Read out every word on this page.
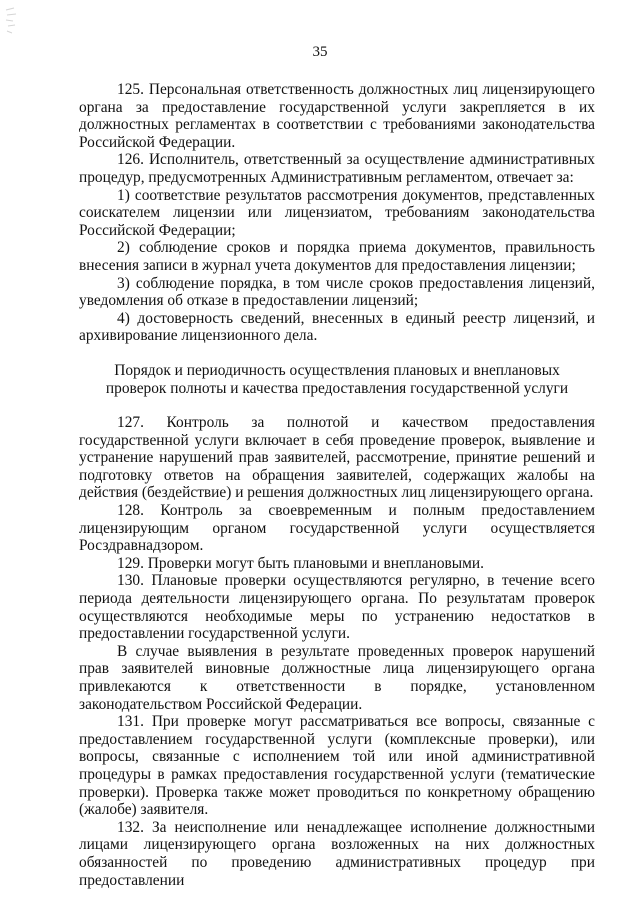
35

125. Персональная ответственность должностных лиц лицензирующего органа за предоставление государственной услуги закрепляется в их должностных регламентах в соответствии с требованиями законодательства Российской Федерации.

126. Исполнитель, ответственный за осуществление административных процедур, предусмотренных Административным регламентом, отвечает за:

1) соответствие результатов рассмотрения документов, представленных соискателем лицензии или лицензиатом, требованиям законодательства Российской Федерации;

2) соблюдение сроков и порядка приема документов, правильность внесения записи в журнал учета документов для предоставления лицензии;

3) соблюдение порядка, в том числе сроков предоставления лицензий, уведомления об отказе в предоставлении лицензий;

4) достоверность сведений, внесенных в единый реестр лицензий, и архивирование лицензионного дела.

Порядок и периодичность осуществления плановых и внеплановых проверок полноты и качества предоставления государственной услуги

127. Контроль за полнотой и качеством предоставления государственной услуги включает в себя проведение проверок, выявление и устранение нарушений прав заявителей, рассмотрение, принятие решений и подготовку ответов на обращения заявителей, содержащих жалобы на действия (бездействие) и решения должностных лиц лицензирующего органа.

128. Контроль за своевременным и полным предоставлением лицензирующим органом государственной услуги осуществляется Росздравнадзором.

129. Проверки могут быть плановыми и внеплановыми.

130. Плановые проверки осуществляются регулярно, в течение всего периода деятельности лицензирующего органа. По результатам проверок осуществляются необходимые меры по устранению недостатков в предоставлении государственной услуги.

В случае выявления в результате проведенных проверок нарушений прав заявителей виновные должностные лица лицензирующего органа привлекаются к ответственности в порядке, установленном законодательством Российской Федерации.

131. При проверке могут рассматриваться все вопросы, связанные с предоставлением государственной услуги (комплексные проверки), или вопросы, связанные с исполнением той или иной административной процедуры в рамках предоставления государственной услуги (тематические проверки). Проверка также может проводиться по конкретному обращению (жалобе) заявителя.

132. За неисполнение или ненадлежащее исполнение должностными лицами лицензирующего органа возложенных на них должностных обязанностей по проведению административных процедур при предоставлении
